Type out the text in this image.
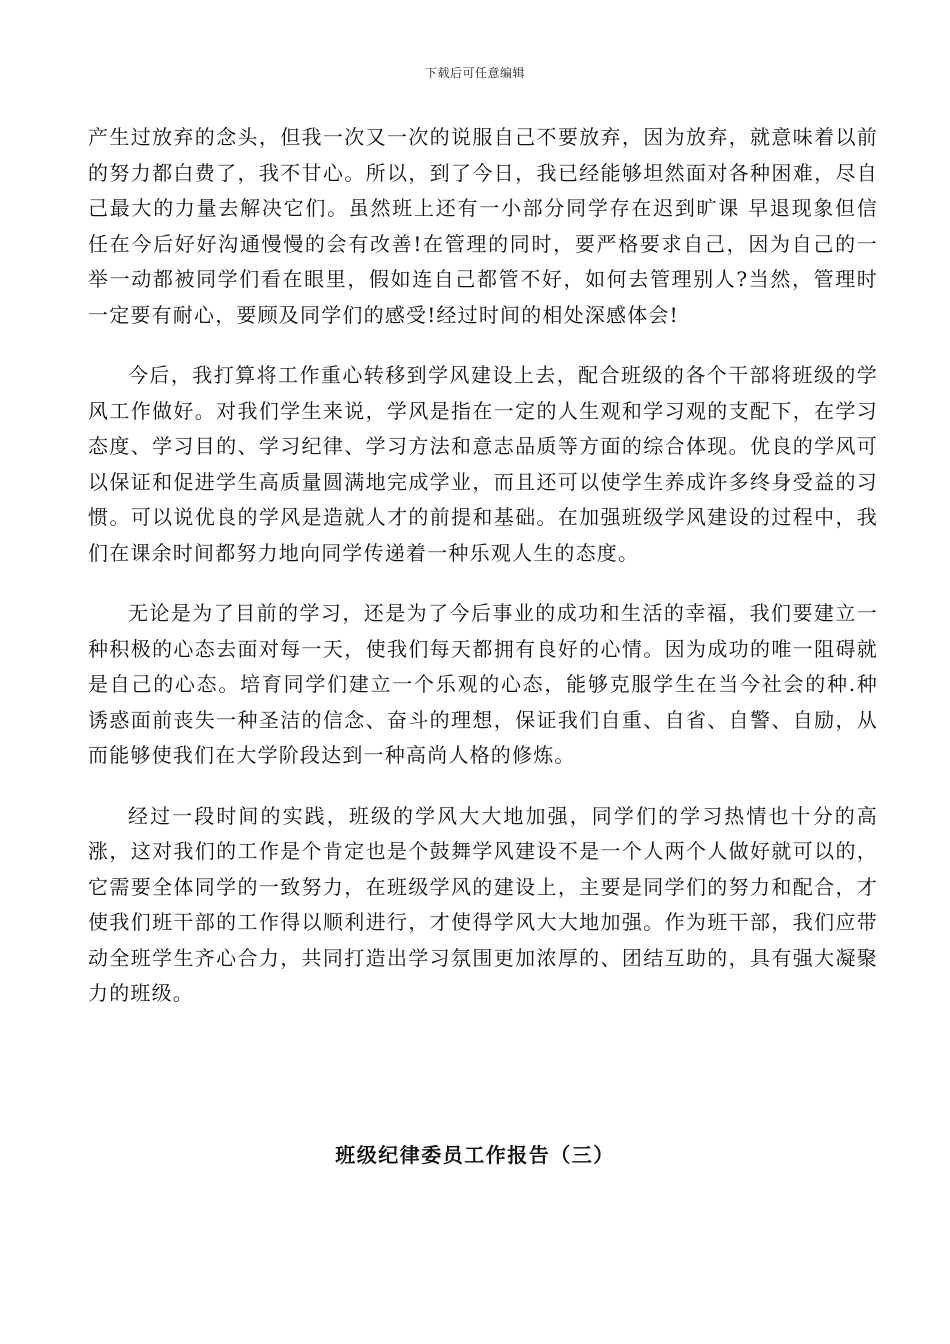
下载后可任意编辑

产生过放弃的念头，但我一次又一次的说服自己不要放弃，因为放弃，就意味着以前的努力都白费了，我不甘心。所以，到了今日，我已经能够坦然面对各种困难，尽自己最大的力量去解决它们。虽然班上还有一小部分同学存在迟到旷课 早退现象但信任在今后好好沟通慢慢的会有改善!在管理的同时，要严格要求自己，因为自己的一举一动都被同学们看在眼里，假如连自己都管不好，如何去管理别人?当然，管理时一定要有耐心，要顾及同学们的感受!经过时间的相处深感体会!

今后，我打算将工作重心转移到学风建设上去，配合班级的各个干部将班级的学风工作做好。对我们学生来说，学风是指在一定的人生观和学习观的支配下，在学习态度、学习目的、学习纪律、学习方法和意志品质等方面的综合体现。优良的学风可以保证和促进学生高质量圆满地完成学业，而且还可以使学生养成许多终身受益的习惯。可以说优良的学风是造就人才的前提和基础。在加强班级学风建设的过程中，我们在课余时间都努力地向同学传递着一种乐观人生的态度。

无论是为了目前的学习，还是为了今后事业的成功和生活的幸福，我们要建立一种积极的心态去面对每一天，使我们每天都拥有良好的心情。因为成功的唯一阻碍就是自己的心态。培育同学们建立一个乐观的心态，能够克服学生在当今社会的种.种诱惑面前丧失一种圣洁的信念、奋斗的理想，保证我们自重、自省、自警、自励，从而能够使我们在大学阶段达到一种高尚人格的修炼。

经过一段时间的实践，班级的学风大大地加强，同学们的学习热情也十分的高涨，这对我们的工作是个肯定也是个鼓舞学风建设不是一个人两个人做好就可以的，它需要全体同学的一致努力，在班级学风的建设上，主要是同学们的努力和配合，才使我们班干部的工作得以顺利进行，才使得学风大大地加强。作为班干部，我们应带动全班学生齐心合力，共同打造出学习氛围更加浓厚的、团结互助的，具有强大凝聚力的班级。

班级纪律委员工作报告（三）
